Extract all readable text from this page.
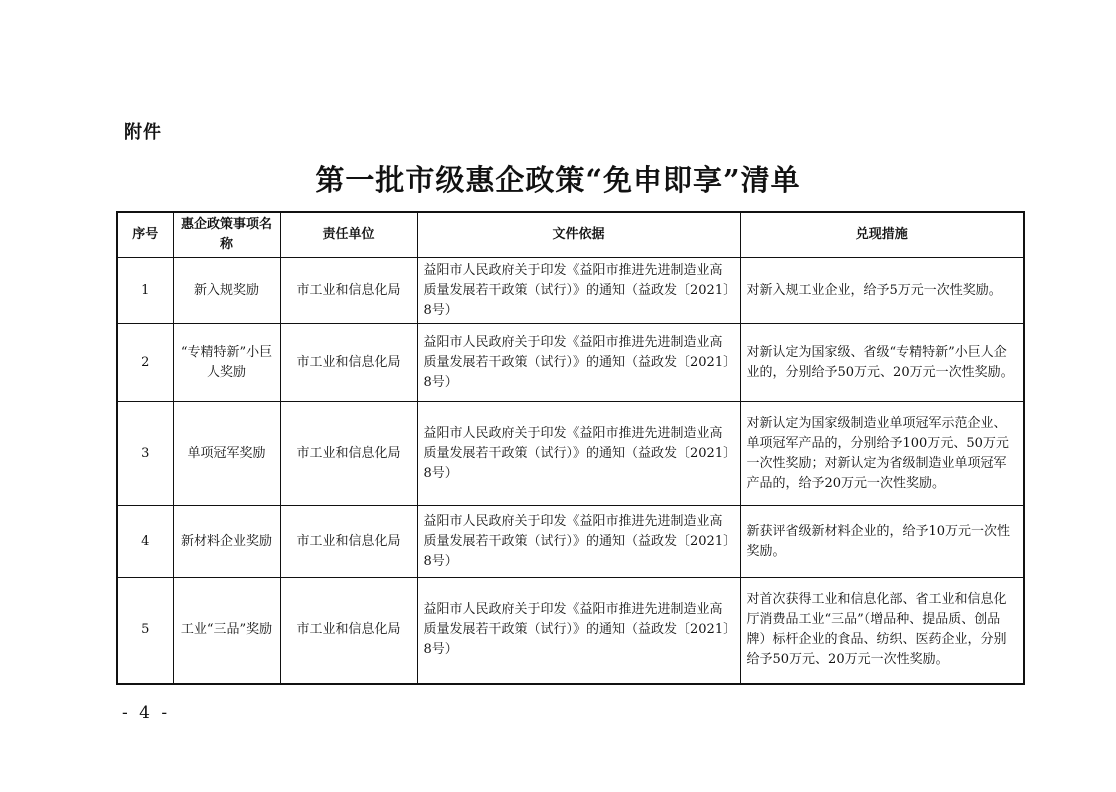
附件
第一批市级惠企政策“免申即享”清单
序号	惠企政策事项名称	责任单位	文件依据	兑现措施
1	新入规奖励	市工业和信息化局	益阳市人民政府关于印发《益阳市推进先进制造业高质量发展若干政策（试行）》的通知（益政发〔2021〕8号）	对新入规工业企业，给予5万元一次性奖励。
2	“专精特新”小巨人奖励	市工业和信息化局	益阳市人民政府关于印发《益阳市推进先进制造业高质量发展若干政策（试行）》的通知（益政发〔2021〕8号）	对新认定为国家级、省级“专精特新”小巨人企业的，分别给予50万元、20万元一次性奖励。
3	单项冠军奖励	市工业和信息化局	益阳市人民政府关于印发《益阳市推进先进制造业高质量发展若干政策（试行）》的通知（益政发〔2021〕8号）	对新认定为国家级制造业单项冠军示范企业、单项冠军产品的，分别给予100万元、50万元一次性奖励；对新认定为省级制造业单项冠军产品的，给予20万元一次性奖励。
4	新材料企业奖励	市工业和信息化局	益阳市人民政府关于印发《益阳市推进先进制造业高质量发展若干政策（试行）》的通知（益政发〔2021〕8号）	新获评省级新材料企业的，给予10万元一次性奖励。
5	工业“三品”奖励	市工业和信息化局	益阳市人民政府关于印发《益阳市推进先进制造业高质量发展若干政策（试行）》的通知（益政发〔2021〕8号）	对首次获得工业和信息化部、省工业和信息化厅消费品工业“三品”（增品种、提品质、创品牌）标杆企业的食品、纺织、医药企业，分别给予50万元、20万元一次性奖励。
- 4 -
